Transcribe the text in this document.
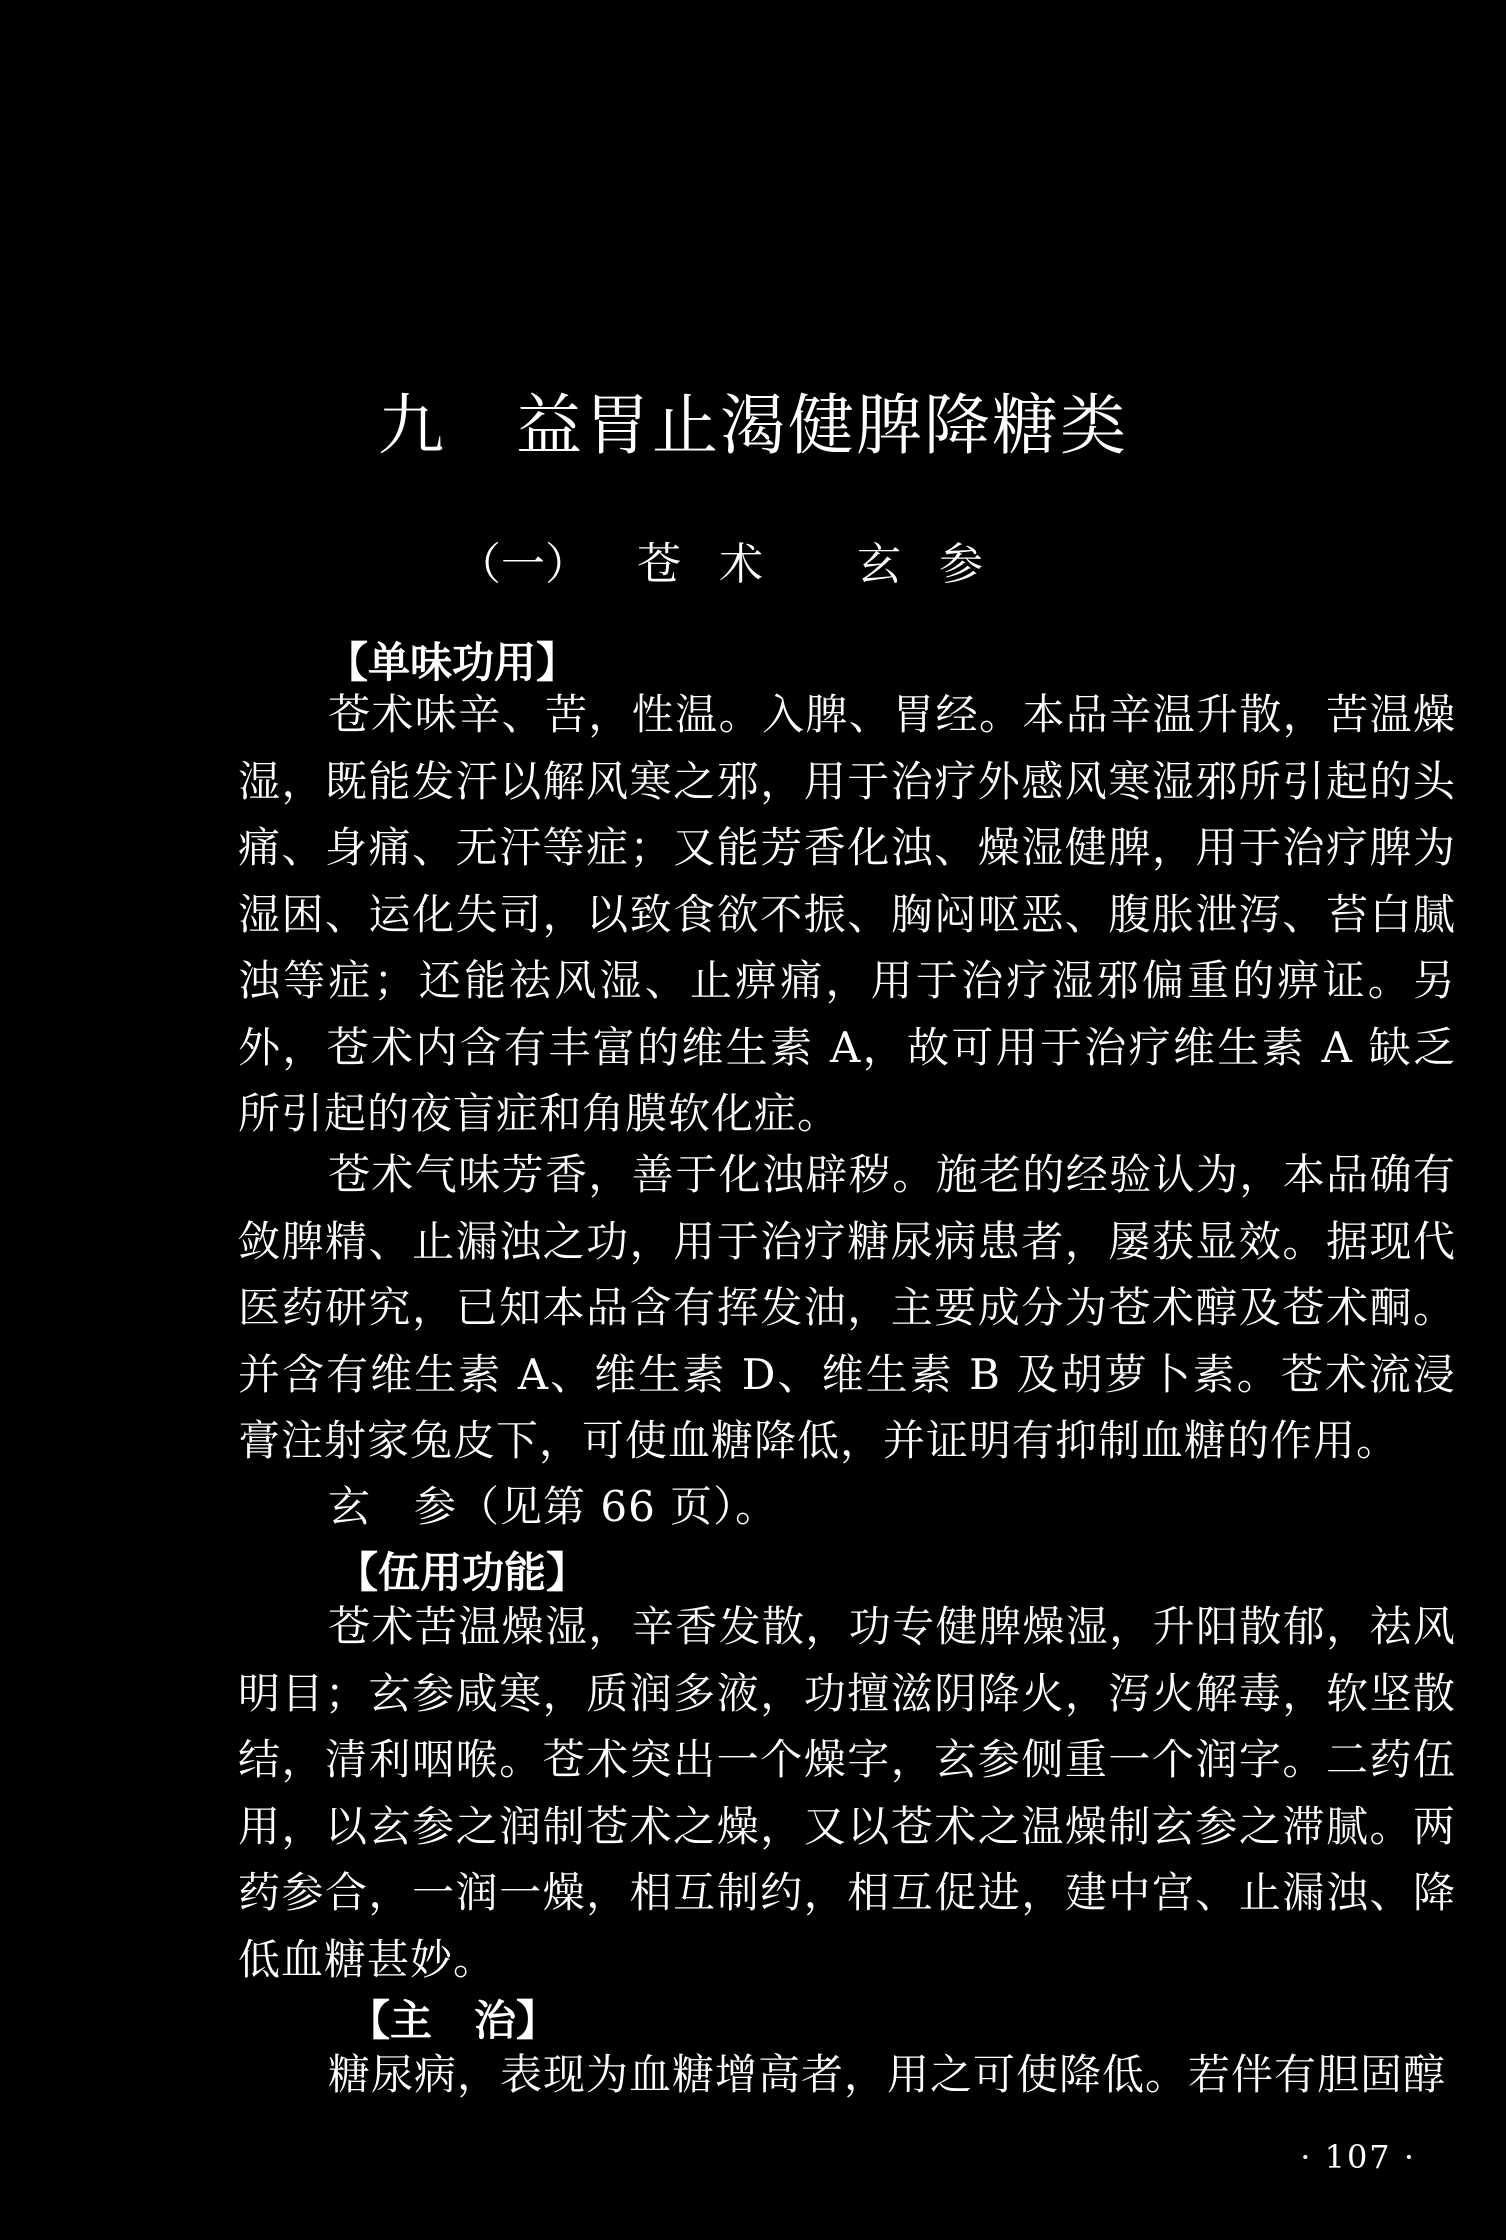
九 益胃止渴健脾降糖类
（一） 苍术 玄参
【单味功用】
苍术味辛、苦，性温。入脾、胃经。本品辛温升散，苦温燥湿，既能发汗以解风寒之邪，用于治疗外感风寒湿邪所引起的头痛、身痛、无汗等症；又能芳香化浊、燥湿健脾，用于治疗脾为湿困、运化失司，以致食欲不振、胸闷呕恶、腹胀泄泻、苔白腻浊等症；还能祛风湿、止痹痛，用于治疗湿邪偏重的痹证。另外，苍术内含有丰富的维生素 A，故可用于治疗维生素 A 缺乏所引起的夜盲症和角膜软化症。
苍术气味芳香，善于化浊辟秽。施老的经验认为，本品确有敛脾精、止漏浊之功，用于治疗糖尿病患者，屡获显效。据现代医药研究，已知本品含有挥发油，主要成分为苍术醇及苍术酮。并含有维生素 A、维生素 D、维生素 B 及胡萝卜素。苍术流浸膏注射家兔皮下，可使血糖降低，并证明有抑制血糖的作用。
玄　参（见第 66 页）。
【伍用功能】
苍术苦温燥湿，辛香发散，功专健脾燥湿，升阳散郁，祛风明目；玄参咸寒，质润多液，功擅滋阴降火，泻火解毒，软坚散结，清利咽喉。苍术突出一个燥字，玄参侧重一个润字。二药伍用，以玄参之润制苍术之燥，又以苍术之温燥制玄参之滞腻。两药参合，一润一燥，相互制约，相互促进，建中宫、止漏浊、降低血糖甚妙。
【主　治】
糖尿病，表现为血糖增高者，用之可使降低。若伴有胆固醇
· 107 ·
